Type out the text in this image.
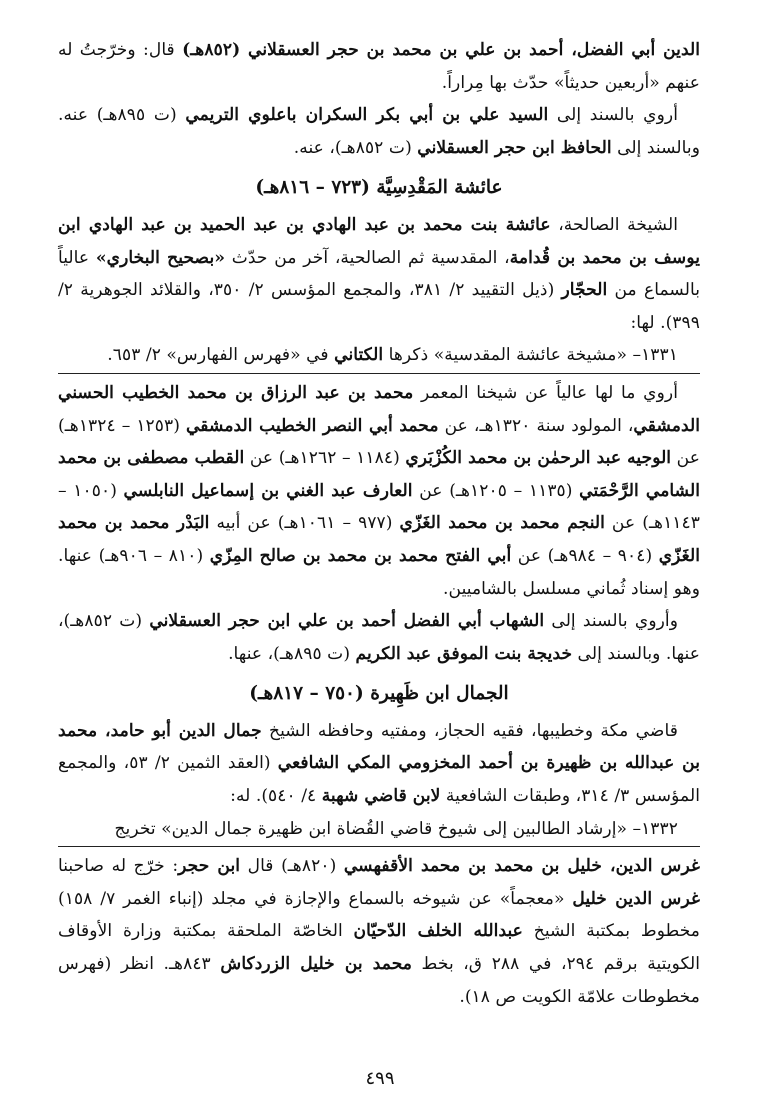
الدين أبي الفضل، أحمد بن علي بن محمد بن حجر العسقلاني (٨٥٢هـ) قال: وخرّجتُ له عنهم «أربعين حديثاً» حدّث بها مِراراً.

أروي بالسند إلى السيد علي بن أبي بكر السكران باعلوي التريمي (ت ٨٩٥هـ) عنه. وبالسند إلى الحافظ ابن حجر العسقلاني (ت ٨٥٢هـ)، عنه.

عائشة المَقْدِسِيَّة (٧٢٣ – ٨١٦هـ)

الشيخة الصالحة، عائشة بنت محمد بن عبد الهادي بن عبد الحميد بن عبد الهادي ابن يوسف بن محمد بن قُدامة، المقدسية ثم الصالحية، آخر من حدّث «بصحيح البخاري» عالياً بالسماع من الحجّار (ذيل التقييد ٢/ ٣٨١، والمجمع المؤسس ٢/ ٣٥٠، والقلائد الجوهرية ٢/ ٣٩٩). لها:

١٣٣١– «مشيخة عائشة المقدسية» ذكرها الكتاني في «فهرس الفهارس» ٢/ ٦٥٣.

أروي ما لها عالياً عن شيخنا المعمر محمد بن عبد الرزاق بن محمد الخطيب الحسني الدمشقي، المولود سنة ١٣٢٠هـ، عن محمد أبي النصر الخطيب الدمشقي (١٢٥٣ – ١٣٢٤هـ) عن الوجيه عبد الرحمٰن بن محمد الكُزْبَري (١١٨٤ – ١٢٦٢هـ) عن القطب مصطفى بن محمد الشامي الرَّحْمَتي (١١٣٥ – ١٢٠٥هـ) عن العارف عبد الغني بن إسماعيل النابلسي (١٠٥٠ – ١١٤٣هـ) عن النجم محمد بن محمد الغَزّي (٩٧٧ – ١٠٦١هـ) عن أبيه البَدْر محمد بن محمد الغَزّي (٩٠٤ – ٩٨٤هـ) عن أبي الفتح محمد بن محمد بن صالح المِزّي (٨١٠ – ٩٠٦هـ) عنها. وهو إسناد ثُماني مسلسل بالشاميين.

وأروي بالسند إلى الشهاب أبي الفضل أحمد بن علي ابن حجر العسقلاني (ت ٨٥٢هـ)، عنها. وبالسند إلى خديجة بنت الموفق عبد الكريم (ت ٨٩٥هـ)، عنها.

الجمال ابن ظَهِيرة (٧٥٠ – ٨١٧هـ)

قاضي مكة وخطيبها، فقيه الحجاز، ومفتيه وحافظه الشيخ جمال الدين أبو حامد، محمد بن عبدالله بن ظهيرة بن أحمد المخزومي المكي الشافعي (العقد الثمين ٢/ ٥٣، والمجمع المؤسس ٣/ ٣١٤، وطبقات الشافعية لابن قاضي شهبة ٤/ ٥٤٠). له:

١٣٣٢– «إرشاد الطالبين إلى شيوخ قاضي القُضاة ابن ظهيرة جمال الدين» تخريج

غرس الدين، خليل بن محمد بن محمد الأقفهسي (٨٢٠هـ) قال ابن حجر: خرّج له صاحبنا غرس الدين خليل «معجماً» عن شيوخه بالسماع والإجازة في مجلد (إنباء الغمر ٧/ ١٥٨) مخطوط بمكتبة الشيخ عبدالله الخلف الدّحيّان الخاصّة الملحقة بمكتبة وزارة الأوقاف الكويتية برقم ٢٩٤، في ٢٨٨ ق، بخط محمد بن خليل الزردكاش ٨٤٣هـ. انظر (فهرس مخطوطات علامّة الكويت ص ١٨).

٤٩٩
